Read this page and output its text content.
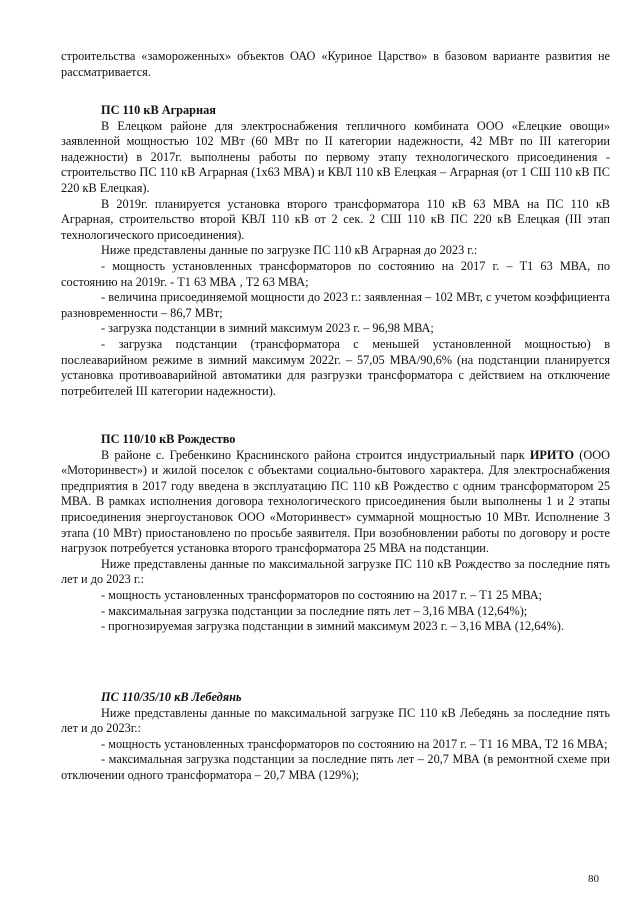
строительства «замороженных» объектов ОАО «Куриное Царство» в базовом варианте развития не рассматривается.

ПС 110 кВ Аграрная

В Елецком районе для электроснабжения тепличного комбината ООО «Елецкие овощи» заявленной мощностью 102 МВт (60 МВт по II категории надежности, 42 МВт по III категории надежности) в 2017г. выполнены работы по первому этапу технологического присоединения - строительство ПС 110 кВ Аграрная (1х63 МВА) и КВЛ 110 кВ Елецкая – Аграрная (от 1 СШ 110 кВ ПС 220 кВ Елецкая).

В 2019г. планируется установка второго трансформатора 110 кВ 63 МВА на ПС 110 кВ Аграрная, строительство второй КВЛ 110 кВ от 2 сек. 2 СШ 110 кВ ПС 220 кВ Елецкая (III этап технологического присоединения).

Ниже представлены данные по загрузке ПС 110 кВ Аграрная до 2023 г.:

- мощность установленных трансформаторов по состоянию на 2017 г. – Т1 63 МВА, по состоянию на 2019г. - Т1 63 МВА , Т2 63 МВА;

- величина присоединяемой мощности до 2023 г.: заявленная – 102 МВт, с учетом коэффициента разновременности – 86,7 МВт;

- загрузка подстанции в зимний максимум 2023 г. – 96,98 МВА;

- загрузка подстанции (трансформатора с меньшей установленной мощностью) в послеаварийном режиме в зимний максимум 2022г. – 57,05 МВА/90,6% (на подстанции планируется установка противоаварийной автоматики для разгрузки трансформатора с действием на отключение потребителей III категории надежности).

ПС 110/10 кВ Рождество

В районе с. Гребенкино Краснинского района строится индустриальный парк ИРИТО (ООО «Моторинвест») и жилой поселок с объектами социально-бытового характера. Для электроснабжения предприятия в 2017 году введена в эксплуатацию ПС 110 кВ Рождество с одним трансформатором 25 МВА. В рамках исполнения договора технологического присоединения были выполнены 1 и 2 этапы присоединения энергоустановок ООО «Моторинвест» суммарной мощностью 10 МВт. Исполнение 3 этапа (10 МВт) приостановлено по просьбе заявителя. При возобновлении работы по договору и росте нагрузок потребуется установка второго трансформатора 25 МВА на подстанции.

Ниже представлены данные по максимальной загрузке ПС 110 кВ Рождество за последние пять лет и до 2023 г.:

- мощность установленных трансформаторов по состоянию на 2017 г. – Т1 25 МВА;

- максимальная загрузка подстанции за последние пять лет – 3,16 МВА (12,64%);

- прогнозируемая загрузка подстанции в зимний максимум 2023 г. – 3,16 МВА (12,64%).

ПС 110/35/10 кВ Лебедянь

Ниже представлены данные по максимальной загрузке ПС 110 кВ Лебедянь за последние пять лет и до 2023г.:

- мощность установленных трансформаторов по состоянию на 2017 г. – Т1 16 МВА, Т2 16 МВА;

- максимальная загрузка подстанции за последние пять лет – 20,7 МВА (в ремонтной схеме при отключении одного трансформатора – 20,7 МВА (129%);

80
